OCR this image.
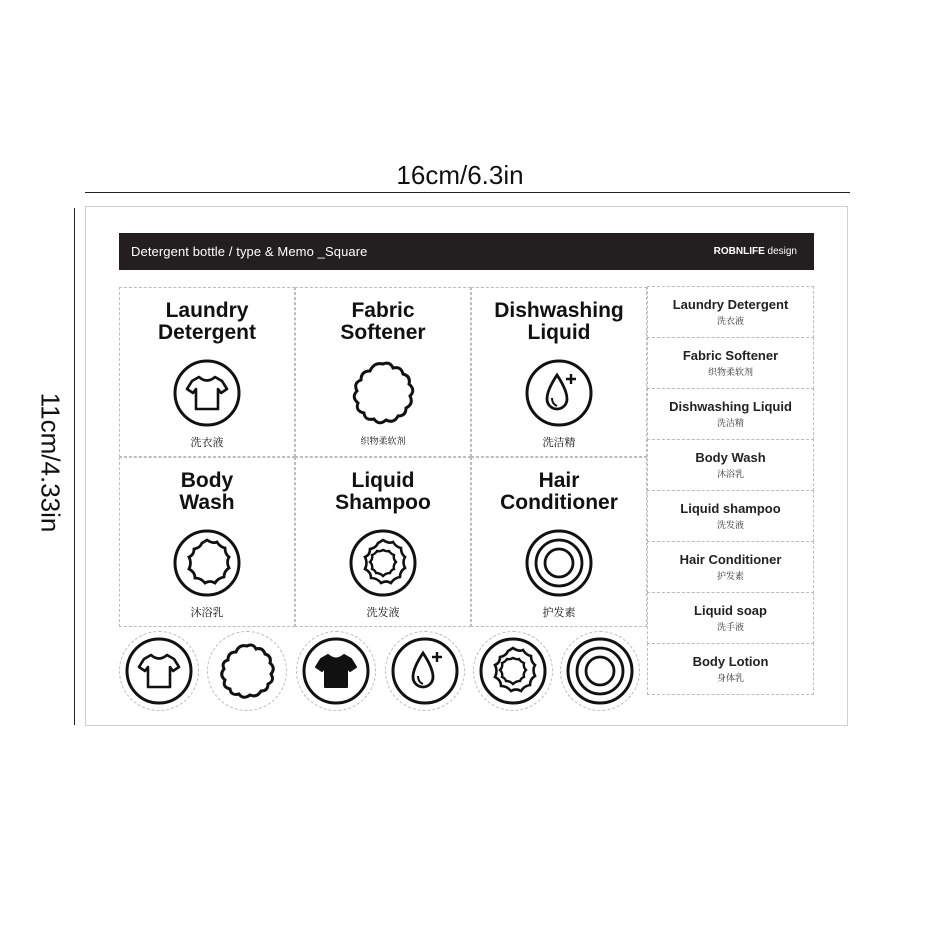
16cm/6.3in
11cm/4.33in
Detergent bottle / type & Memo _Square	ROBNLIFE design
Laundry
Detergent
洗衣液
Fabric
Softener
织物柔软剂
Dishwashing
Liquid
洗洁精
Body
Wash
沐浴乳
Liquid
Shampoo
洗发液
Hair
Conditioner
护发素
Laundry Detergent
洗衣液
Fabric Softener
织物柔软剂
Dishwashing Liquid
洗洁精
Body Wash
沐浴乳
Liquid shampoo
洗发液
Hair Conditioner
护发素
Liquid soap
洗手液
Body Lotion
身体乳
